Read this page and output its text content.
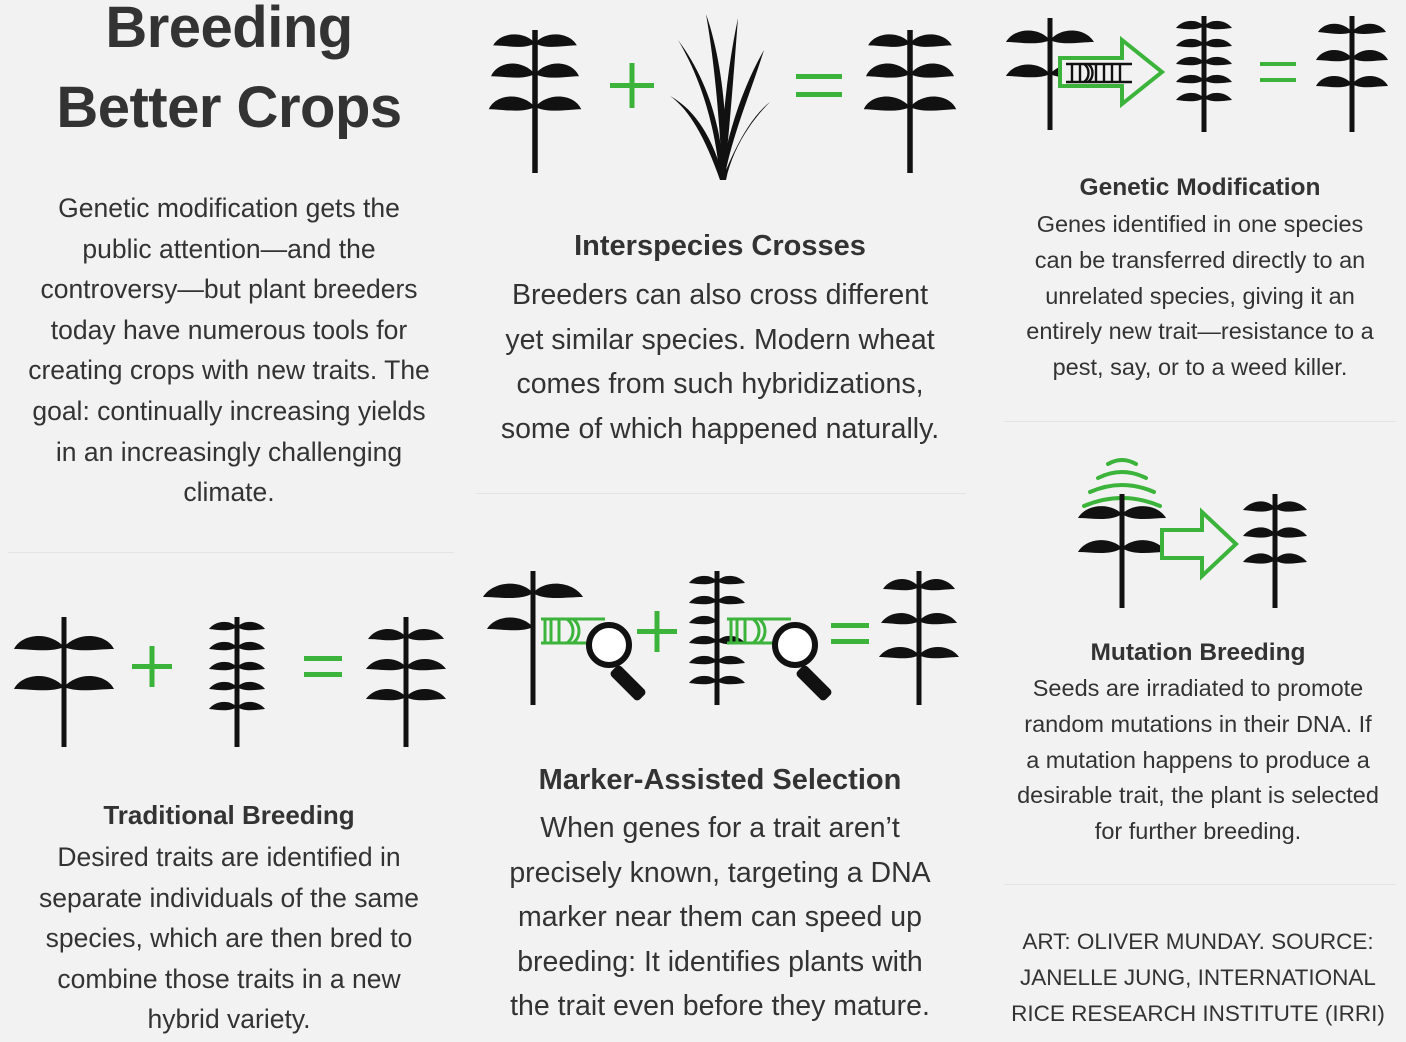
Breeding
Better Crops
Genetic modification gets the
public attention—and the
controversy—but plant breeders
today have numerous tools for
creating crops with new traits. The
goal: continually increasing yields
in an increasingly challenging
climate.
Interspecies Crosses
Breeders can also cross different
yet similar species. Modern wheat
comes from such hybridizations,
some of which happened naturally.
Genetic Modification
Genes identified in one species
can be transferred directly to an
unrelated species, giving it an
entirely new trait—resistance to a
pest, say, or to a weed killer.
Traditional Breeding
Desired traits are identified in
separate individuals of the same
species, which are then bred to
combine those traits in a new
hybrid variety.
Marker-Assisted Selection
When genes for a trait aren’t
precisely known, targeting a DNA
marker near them can speed up
breeding: It identifies plants with
the trait even before they mature.
Mutation Breeding
Seeds are irradiated to promote
random mutations in their DNA. If
a mutation happens to produce a
desirable trait, the plant is selected
for further breeding.
ART: OLIVER MUNDAY. SOURCE:
JANELLE JUNG, INTERNATIONAL
RICE RESEARCH INSTITUTE (IRRI)
